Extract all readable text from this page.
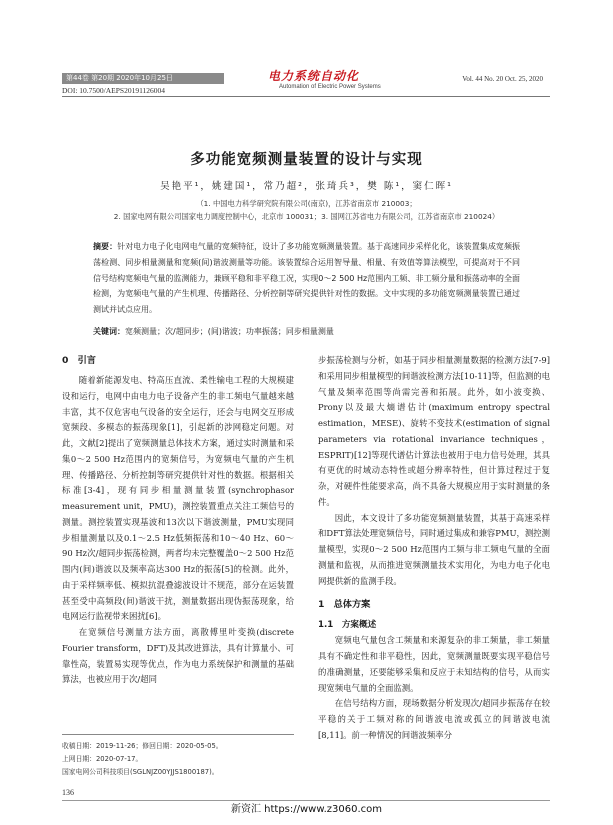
第44卷 第20期 2020年10月25日
DOI: 10.7500/AEPS20191126004
电力系统自动化
Automation of Electric Power Systems
Vol. 44 No. 20 Oct. 25, 2020
多功能宽频测量装置的设计与实现
吴艳平¹，姚建国¹，常乃超²，张琦兵³，樊 陈¹，窦仁晖¹
（1. 中国电力科学研究院有限公司(南京)，江苏省南京市 210003；
2. 国家电网有限公司国家电力调度控制中心，北京市 100031；3. 国网江苏省电力有限公司，江苏省南京市 210024）
摘要：针对电力电子化电网电气量的宽频特征，设计了多功能宽频测量装置。基于高速同步采样化化，该装置集成宽频振荡检测、同步相量测量和宽频(间)谐波测量等功能。该装置综合运用智导量、相量、有效值等算法模型，可提高对于不同信号结构宽频电气量的监测能力，兼顾平稳和非平稳工况，实现0～2 500 Hz范围内工频、非工频分量和振荡动率的全面检测，为宽频电气量的产生机理、传播路径、分析控制等研究提供针对性的数据。文中实现的多功能宽频测量装置已通过测试并试点应用。
关键词：宽频测量；次/超同步；(间)谐波；功率振荡；同步相量测量
0　引言

随着新能源发电、特高压直流、柔性输电工程的大规模建设和运行，电网中由电力电子设备产生的非工频电气量越来越丰富，其不仅危害电气设备的安全运行，还会与电网交互形成宽频段、多模态的振荡现象[1]，引起新的涉网稳定问题。对此，文献[2]提出了宽频测量总体技术方案，通过实时测量和采集0～2 500 Hz范围内的宽频信号，为宽频电气量的产生机理、传播路径、分析控制等研究提供针对性的数据。根据相关标准[3-4]，现有同步相量测量装置(synchrophasor measurement unit，PMU)，测控装置重点关注工频信号的测量。测控装置实现基波和13次以下谐波测量，PMU实现同步相量测量以及0.1～2.5 Hz低频振荡和10～40 Hz、60～90 Hz次/超同步振荡检测，两者均未完整覆盖0～2 500 Hz范围内(间)谐波以及频率高达300 Hz的振荡[5]的检测。此外，由于采样频率低、模拟抗混叠滤波设计不规范，部分在运装置甚至受中高频段(间)谐波干扰，测量数据出现伪振荡现象，给电网运行监视带来困扰[6]。

在宽频信号测量方法方面，离散傅里叶变换(discrete Fourier transform，DFT)及其改进算法，具有计算量小、可靠性高，装置易实现等优点，作为电力系统保护和测量的基础算法，也被应用于次/超同

步振荡检测与分析，如基于同步相量测量数据的检测方法[7-9]和采用同步相量模型的间谐波检测方法[10-11]等，但监测的电气量及频率范围等尚需完善和拓展。此外，如小波变换、Prony以及最大熵谱估计(maximum entropy spectral estimation，MESE)、旋转不变技术(estimation of signal parameters via rotational invariance techniques，ESPRIT)[12]等现代谱估计算法也被用于电力信号处理，其具有更优的时域动态特性或超分辨率特性，但计算过程过于复杂，对硬件性能要求高，尚不具备大规模应用于实时测量的条件。

因此，本文设计了多功能宽频测量装置，其基于高速采样和DFT算法处理宽频信号，同时通过集成和兼容PMU，测控测量模型，实现0～2 500 Hz范围内工频与非工频电气量的全面测量和监视，从而推进宽频测量技术实用化，为电力电子化电网提供新的监测手段。

1　总体方案
1.1　方案概述

宽频电气量包含工频量和来源复杂的非工频量，非工频量具有不确定性和非平稳性，因此，宽频测量既要实现平稳信号的准确测量，还要能够采集和反应于未知结构的信号，从而实现宽频电气量的全面监测。

在信号结构方面，现场数据分析发现次/超同步振荡存在较平稳的关于工频对称的间谐波电流或孤立的间谐波电流[8,11]。前一种情况的间谐波频率分

收稿日期：2019-11-26；修回日期：2020-05-05。
上网日期：2020-07-17。
国家电网公司科技项目(SGLNJZ00YJJS1800187)。
136
新资汇 https://www.z3060.com
